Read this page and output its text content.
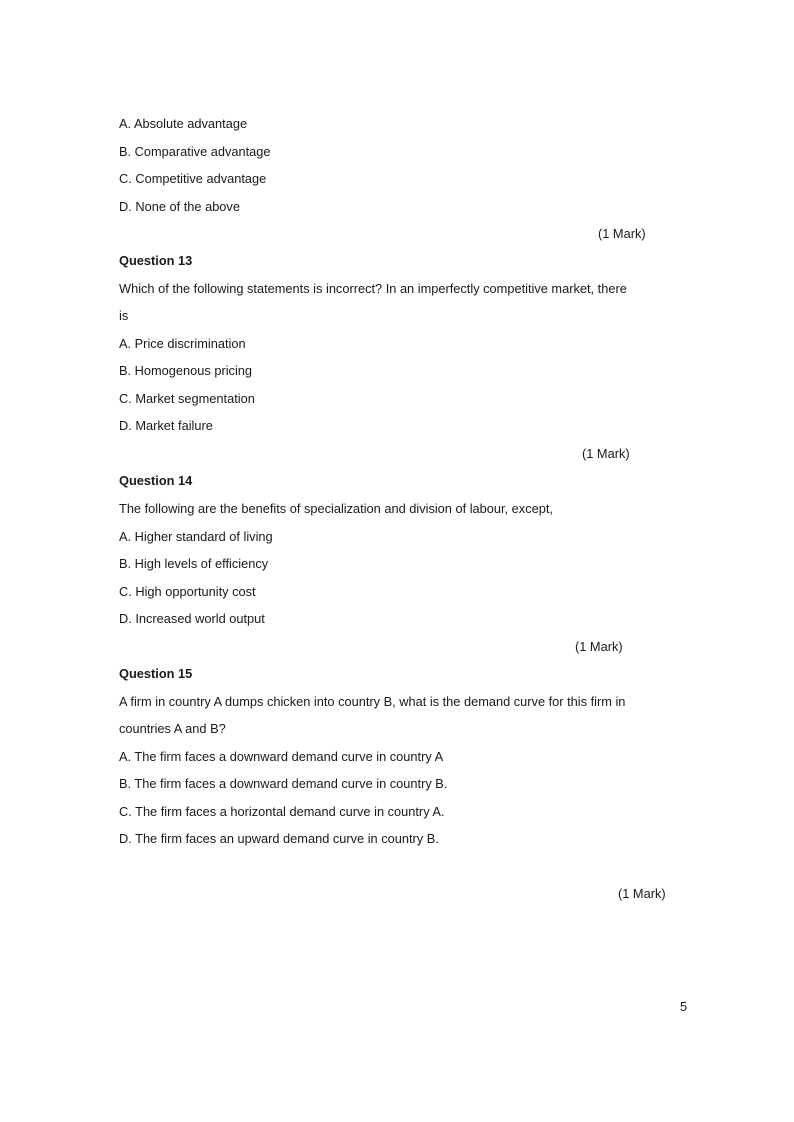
A. Absolute advantage
B. Comparative advantage
C. Competitive advantage
D. None of the above
(1 Mark)
Question 13
Which of the following statements is incorrect? In an imperfectly competitive market, there
is
A. Price discrimination
B. Homogenous pricing
C. Market segmentation
D. Market failure
(1 Mark)
Question 14
The following are the benefits of specialization and division of labour, except,
A. Higher standard of living
B. High levels of efficiency
C. High opportunity cost
D. Increased world output
(1 Mark)
Question 15
A firm in country A dumps chicken into country B, what is the demand curve for this firm in
countries A and B?
A. The firm faces a downward demand curve in country A
B. The firm faces a downward demand curve in country B.
C. The firm faces a horizontal demand curve in country A.
D. The firm faces an upward demand curve in country B.
(1 Mark)
5
